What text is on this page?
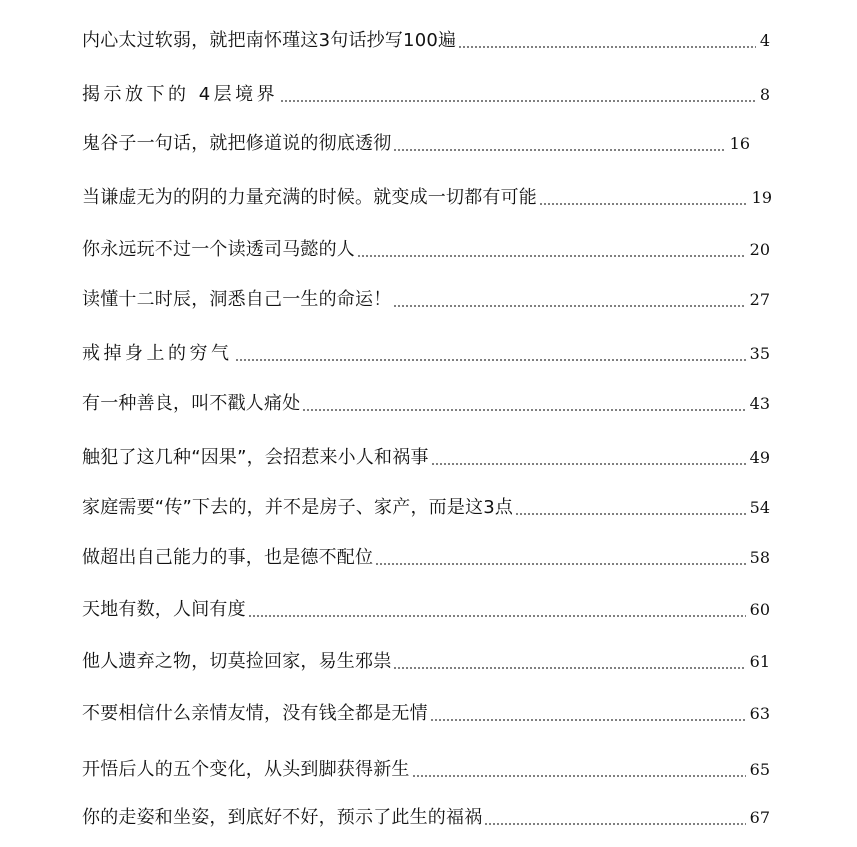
内心太过软弱，就把南怀瑾这3句话抄写100遍	4
揭示放下的 4层境界	8
鬼谷子一句话，就把修道说的彻底透彻	16
当谦虚无为的阴的力量充满的时候。就变成一切都有可能	19
你永远玩不过一个读透司马懿的人	20
读懂十二时辰，洞悉自己一生的命运！	27
戒掉身上的穷气	35
有一种善良，叫不戳人痛处	43
触犯了这几种“因果”，会招惹来小人和祸事	49
家庭需要“传”下去的，并不是房子、家产，而是这3点	54
做超出自己能力的事，也是德不配位	58
天地有数，人间有度	60
他人遗弃之物，切莫捡回家，易生邪祟	61
不要相信什么亲情友情，没有钱全都是无情	63
开悟后人的五个变化，从头到脚获得新生	65
你的走姿和坐姿，到底好不好，预示了此生的福祸	67
